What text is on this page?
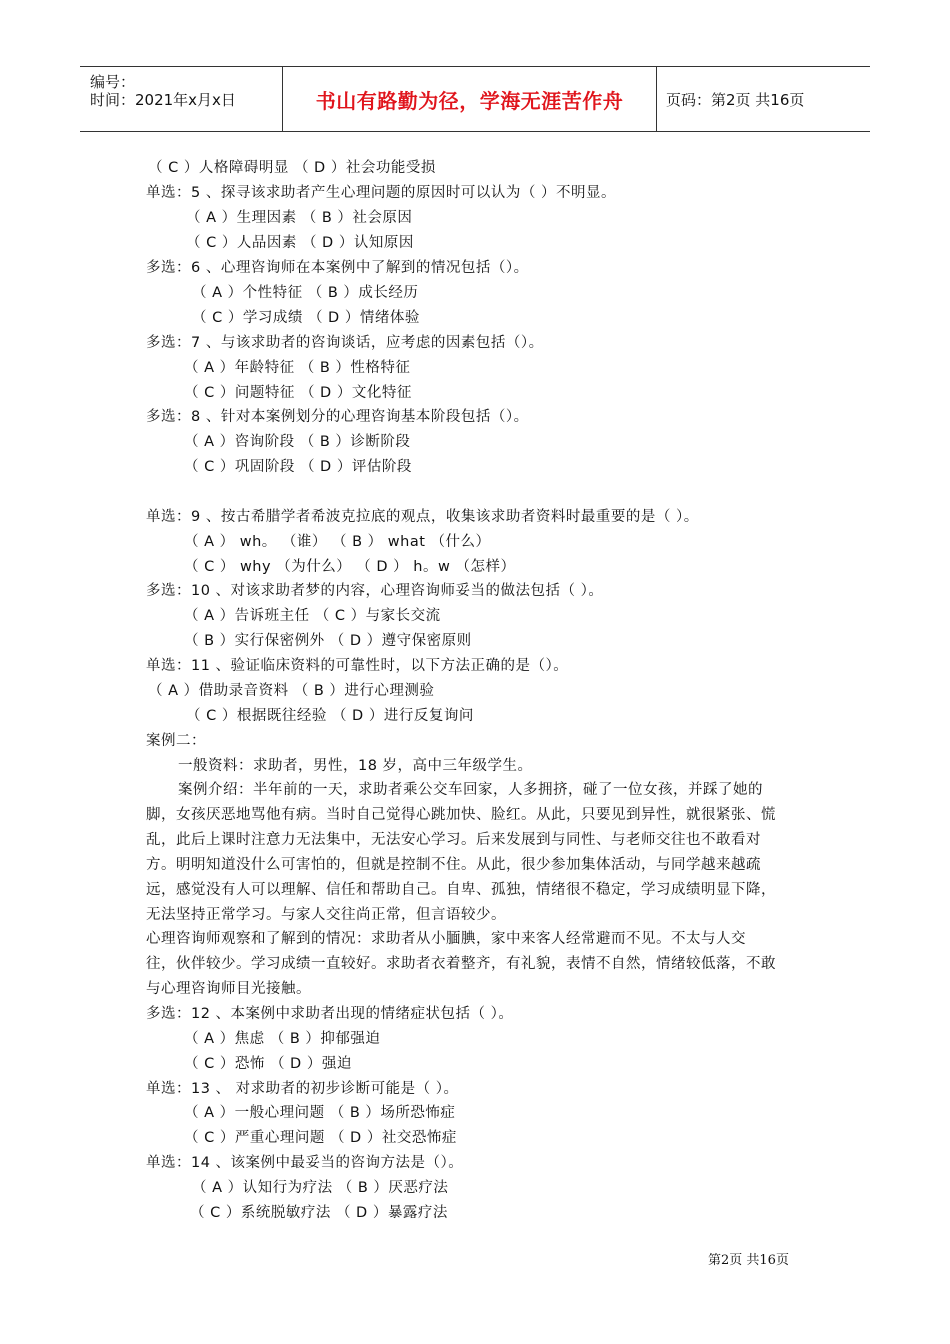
编号：
时间：2021年x月x日	书山有路勤为径，学海无涯苦作舟	页码：第2页 共16页
（ C ）人格障碍明显 （ D ）社会功能受损
单选：5 、探寻该求助者产生心理问题的原因时可以认为（ ）不明显。
（ A ）生理因素 （ B ）社会原因
（ C ）人品因素 （ D ）认知原因
多选：6 、心理咨询师在本案例中了解到的情况包括（）。
（ A ）个性特征 （ B ）成长经历
（ C ）学习成绩 （ D ）情绪体验
多选：7 、与该求助者的咨询谈话，应考虑的因素包括（）。
（ A ）年龄特征 （ B ）性格特征
（ C ）问题特征 （ D ）文化特征
多选：8 、针对本案例划分的心理咨询基本阶段包括（）。
（ A ）咨询阶段 （ B ）诊断阶段
（ C ）巩固阶段 （ D ）评估阶段
单选：9 、按古希腊学者希波克拉底的观点，收集该求助者资料时最重要的是（ ）。
（ A ） wh。 （谁） （ B ） what （什么）
（ C ） why （为什么） （ D ） h。w （怎样）
多选：10 、对该求助者梦的内容，心理咨询师妥当的做法包括（ ）。
（ A ）告诉班主任 （ C ）与家长交流
（ B ）实行保密例外 （ D ）遵守保密原则
单选：11 、验证临床资料的可靠性时，以下方法正确的是（）。
（ A ）借助录音资料 （ B ）进行心理测验
（ C ）根据既往经验 （ D ）进行反复询问
案例二：
一般资料：求助者，男性，18 岁，高中三年级学生。
案例介绍：半年前的一天，求助者乘公交车回家，人多拥挤，碰了一位女孩，并踩了她的
脚，女孩厌恶地骂他有病。当时自己觉得心跳加快、脸红。从此，只要见到异性，就很紧张、慌
乱，此后上课时注意力无法集中，无法安心学习。后来发展到与同性、与老师交往也不敢看对
方。明明知道没什么可害怕的，但就是控制不住。从此，很少参加集体活动，与同学越来越疏
远，感觉没有人可以理解、信任和帮助自己。自卑、孤独，情绪很不稳定，学习成绩明显下降，
无法坚持正常学习。与家人交往尚正常，但言语较少。
心理咨询师观察和了解到的情况：求助者从小腼腆，家中来客人经常避而不见。不太与人交
往，伙伴较少。学习成绩一直较好。求助者衣着整齐，有礼貌，表情不自然，情绪较低落，不敢
与心理咨询师目光接触。
多选：12 、本案例中求助者出现的情绪症状包括（ ）。
（ A ）焦虑 （ B ）抑郁强迫
（ C ）恐怖 （ D ）强迫
单选：13 、 对求助者的初步诊断可能是（ ）。
（ A ）一般心理问题 （ B ）场所恐怖症
（ C ）严重心理问题 （ D ）社交恐怖症
单选：14 、该案例中最妥当的咨询方法是（）。
（ A ）认知行为疗法 （ B ）厌恶疗法
（ C ）系统脱敏疗法 （ D ）暴露疗法
第2页 共16页
